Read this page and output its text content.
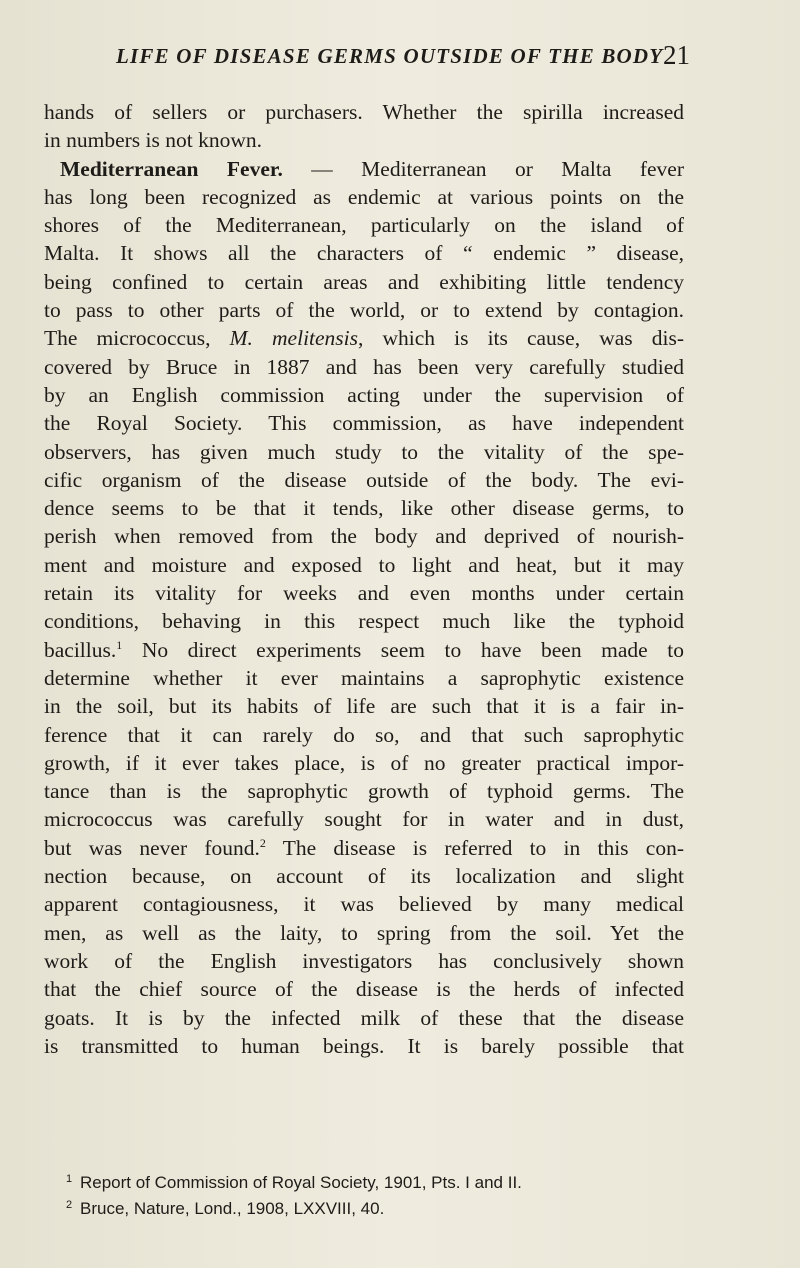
LIFE OF DISEASE GERMS OUTSIDE OF THE BODY 21
hands of sellers or purchasers. Whether the spirilla increased
in numbers is not known.
Mediterranean Fever. — Mediterranean or Malta fever
has long been recognized as endemic at various points on the
shores of the Mediterranean, particularly on the island of
Malta. It shows all the characters of “ endemic ” disease,
being confined to certain areas and exhibiting little tendency
to pass to other parts of the world, or to extend by contagion.
The micrococcus, M. melitensis, which is its cause, was dis-
covered by Bruce in 1887 and has been very carefully studied
by an English commission acting under the supervision of
the Royal Society. This commission, as have independent
observers, has given much study to the vitality of the spe-
cific organism of the disease outside of the body. The evi-
dence seems to be that it tends, like other disease germs, to
perish when removed from the body and deprived of nourish-
ment and moisture and exposed to light and heat, but it may
retain its vitality for weeks and even months under certain
conditions, behaving in this respect much like the typhoid
bacillus.$^1$ No direct experiments seem to have been made to
determine whether it ever maintains a saprophytic existence
in the soil, but its habits of life are such that it is a fair in-
ference that it can rarely do so, and that such saprophytic
growth, if it ever takes place, is of no greater practical impor-
tance than is the saprophytic growth of typhoid germs. The
micrococcus was carefully sought for in water and in dust,
but was never found.$^2$ The disease is referred to in this con-
nection because, on account of its localization and slight
apparent contagiousness, it was believed by many medical
men, as well as the laity, to spring from the soil. Yet the
work of the English investigators has conclusively shown
that the chief source of the disease is the herds of infected
goats. It is by the infected milk of these that the disease
is transmitted to human beings. It is barely possible that
1 Report of Commission of Royal Society, 1901, Pts. I and II.
2 Bruce, Nature, Lond., 1908, LXXVIII, 40.
